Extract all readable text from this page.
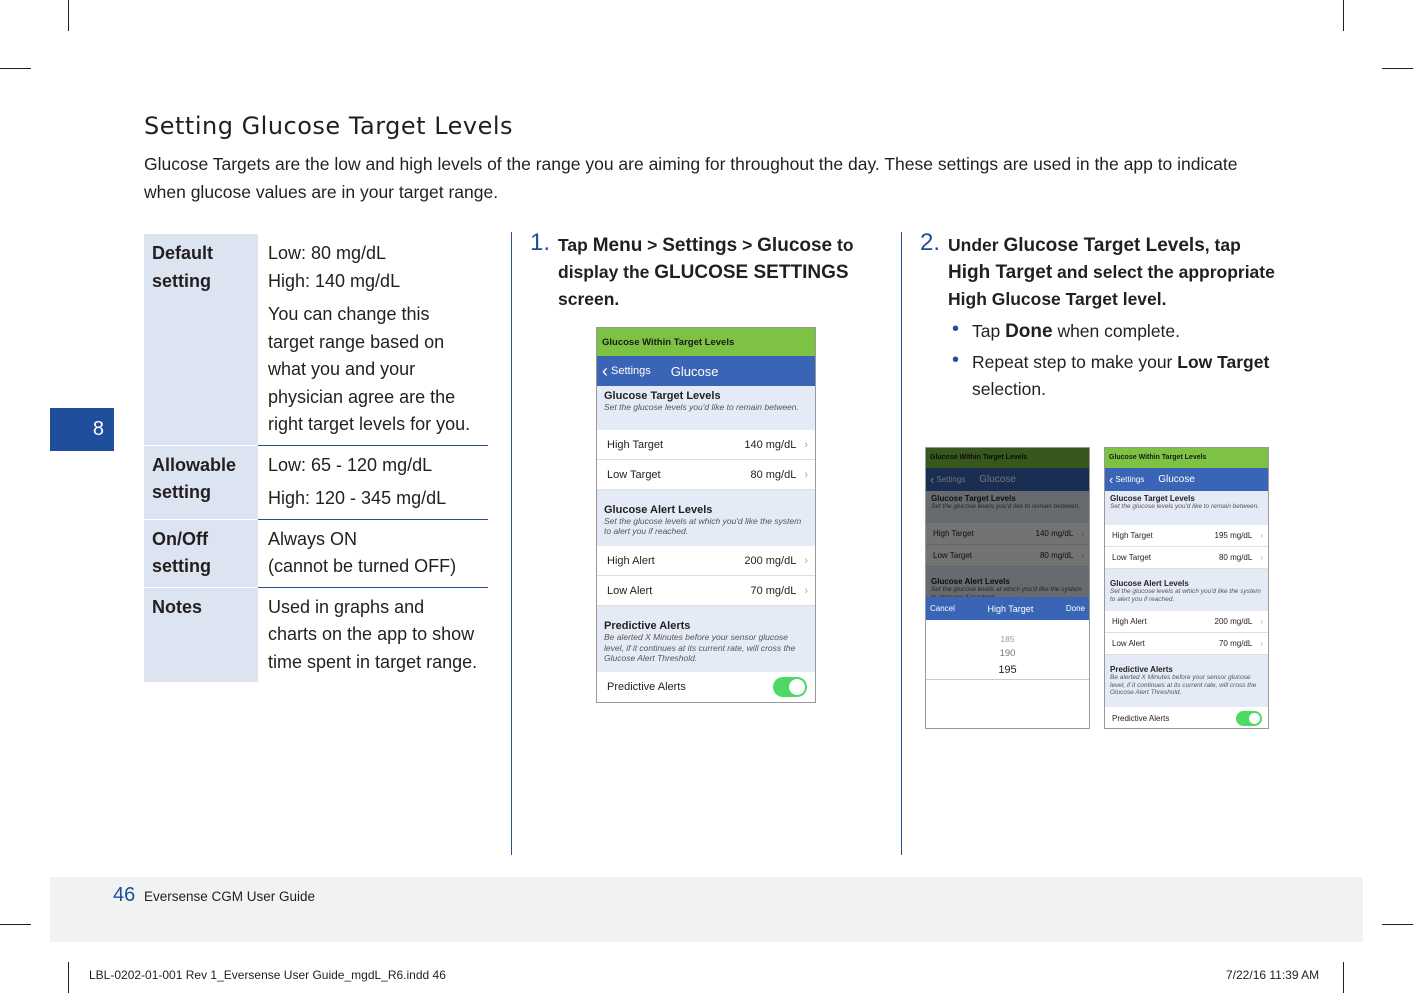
Setting Glucose Target Levels

Glucose Targets are the low and high levels of the range you are aiming for throughout the day. These settings are used in the app to indicate when glucose values are in your target range.

8
Default setting	Low: 80 mg/dL
High: 140 mg/dL

You can change this target range based on what you and your physician agree are the right target levels for you.

Allowable setting	Low: 65 - 120 mg/dL

High: 120 - 345 mg/dL

On/Off setting	Always ON
(cannot be turned OFF)

Notes	Used in graphs and charts on the app to show time spent in target range.

1. Tap Menu > Settings > Glucose to display the GLUCOSE SETTINGS screen.
2. Under Glucose Target Levels, tap High Target and select the appropriate High Glucose Target level.
• Tap Done when complete.
• Repeat step to make your Low Target selection.
Glucose Within Target Levels
‹ Settings Glucose
Glucose Target Levels
Set the glucose levels you'd like to remain between.
High Target	140 mg/dL ›
Low Target	80 mg/dL ›
Glucose Alert Levels
Set the glucose levels at which you'd like the system to alert you if reached.
High Alert	200 mg/dL ›
Low Alert	70 mg/dL ›
Predictive Alerts
Be alerted X Minutes before your sensor glucose level, if it continues at its current rate, will cross the Glucose Alert Threshold.
Predictive Alerts
Cancel	High Target	Done
185
190
195
Glucose Within Target Levels
‹ Settings Glucose
Glucose Target Levels
Set the glucose levels you'd like to remain between.
High Target	195 mg/dL ›
Low Target	80 mg/dL ›
Glucose Alert Levels
Set the glucose levels at which you'd like the system to alert you if reached.
High Alert	200 mg/dL ›
Low Alert	70 mg/dL ›
Predictive Alerts
Be alerted X Minutes before your sensor glucose level, if it continues at its current rate, will cross the Glucose Alert Threshold.
Predictive Alerts
46 Eversense CGM User Guide
LBL-0202-01-001 Rev 1_Eversense User Guide_mgdL_R6.indd 46	7/22/16 11:39 AM
